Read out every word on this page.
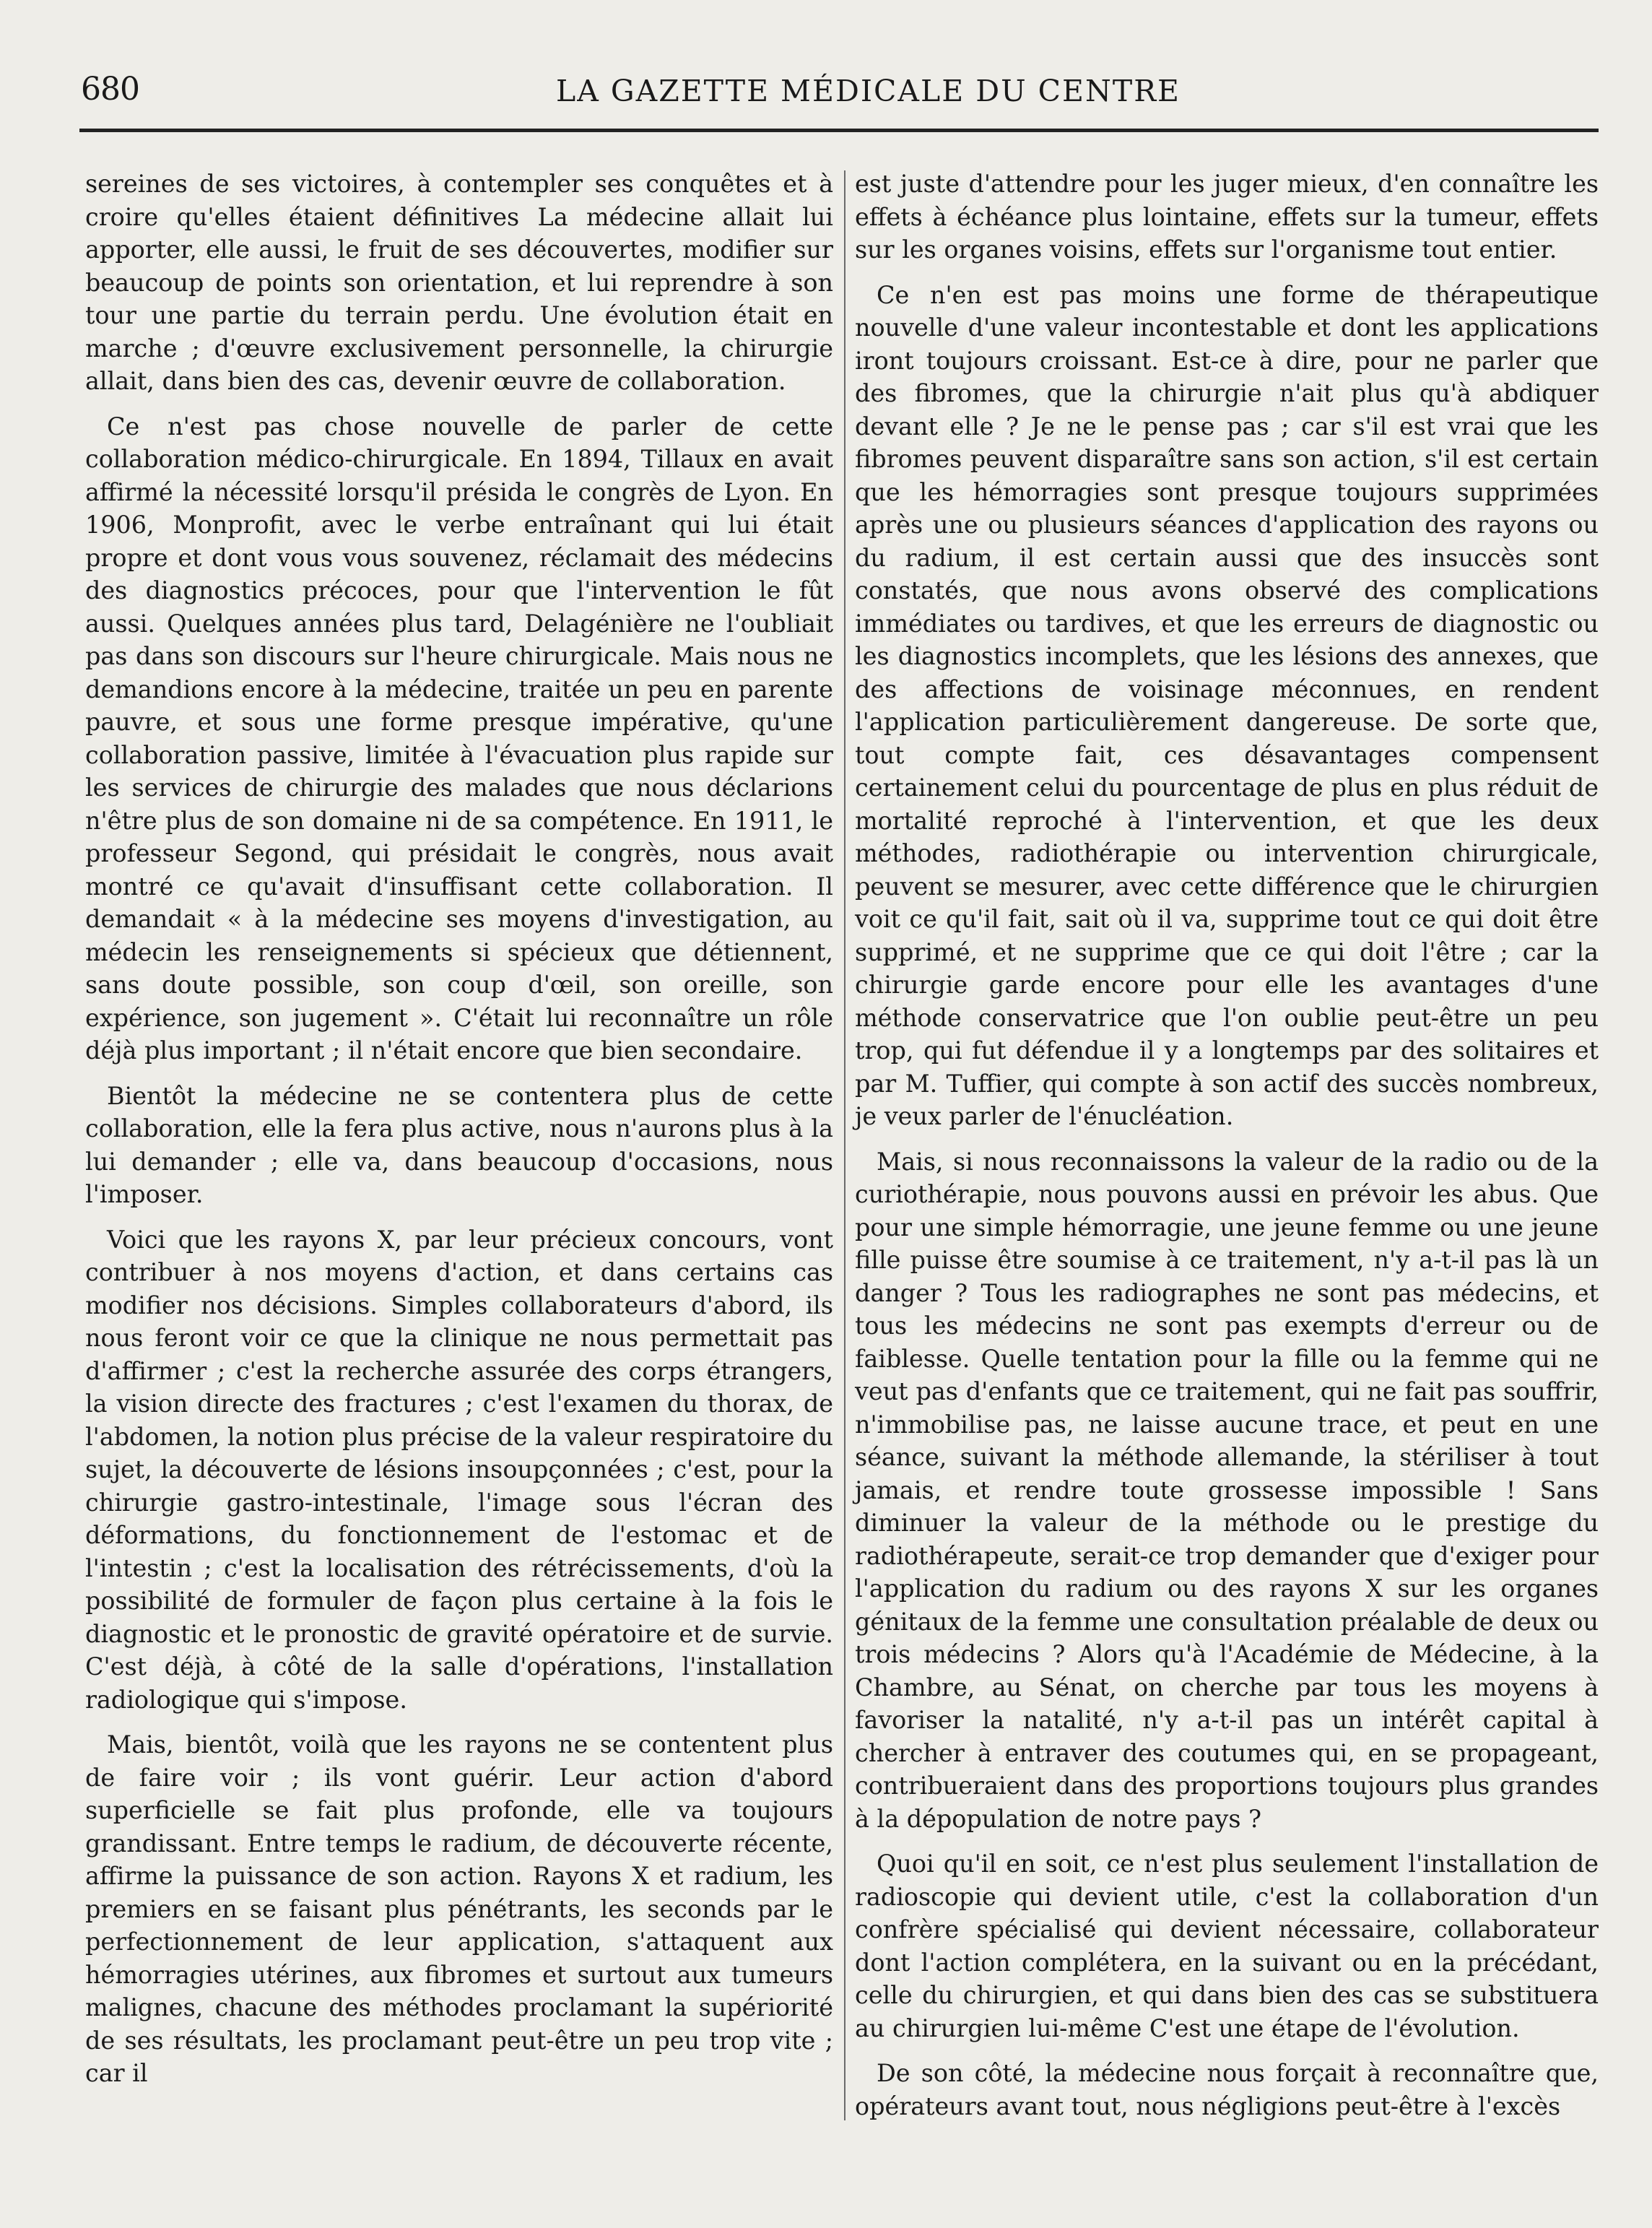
680	LA GAZETTE MÉDICALE DU CENTRE

sereines de ses victoires, à contempler ses conquêtes et à croire qu'elles étaient définitives La médecine allait lui apporter, elle aussi, le fruit de ses découvertes, modifier sur beaucoup de points son orientation, et lui reprendre à son tour une partie du terrain perdu. Une évolution était en marche ; d'œuvre exclusivement personnelle, la chirurgie allait, dans bien des cas, devenir œuvre de collaboration.

Ce n'est pas chose nouvelle de parler de cette collaboration médico-chirurgicale. En 1894, Tillaux en avait affirmé la nécessité lorsqu'il présida le congrès de Lyon. En 1906, Monprofit, avec le verbe entraînant qui lui était propre et dont vous vous souvenez, réclamait des médecins des diagnostics précoces, pour que l'intervention le fût aussi. Quelques années plus tard, Delagénière ne l'oubliait pas dans son discours sur l'heure chirurgicale. Mais nous ne demandions encore à la médecine, traitée un peu en parente pauvre, et sous une forme presque impérative, qu'une collaboration passive, limitée à l'évacuation plus rapide sur les services de chirurgie des malades que nous déclarions n'être plus de son domaine ni de sa compétence. En 1911, le professeur Segond, qui présidait le congrès, nous avait montré ce qu'avait d'insuffisant cette collaboration. Il demandait « à la médecine ses moyens d'investigation, au médecin les renseignements si spécieux que détiennent, sans doute possible, son coup d'œil, son oreille, son expérience, son jugement ». C'était lui reconnaître un rôle déjà plus important ; il n'était encore que bien secondaire.

Bientôt la médecine ne se contentera plus de cette collaboration, elle la fera plus active, nous n'aurons plus à la lui demander ; elle va, dans beaucoup d'occasions, nous l'imposer.

Voici que les rayons X, par leur précieux concours, vont contribuer à nos moyens d'action, et dans certains cas modifier nos décisions. Simples collaborateurs d'abord, ils nous feront voir ce que la clinique ne nous permettait pas d'affirmer ; c'est la recherche assurée des corps étrangers, la vision directe des fractures ; c'est l'examen du thorax, de l'abdomen, la notion plus précise de la valeur respiratoire du sujet, la découverte de lésions insoupçonnées ; c'est, pour la chirurgie gastro-intestinale, l'image sous l'écran des déformations, du fonctionnement de l'estomac et de l'intestin ; c'est la localisation des rétrécissements, d'où la possibilité de formuler de façon plus certaine à la fois le diagnostic et le pronostic de gravité opératoire et de survie. C'est déjà, à côté de la salle d'opérations, l'installation radiologique qui s'impose.

Mais, bientôt, voilà que les rayons ne se contentent plus de faire voir ; ils vont guérir. Leur action d'abord superficielle se fait plus profonde, elle va toujours grandissant. Entre temps le radium, de découverte récente, affirme la puissance de son action. Rayons X et radium, les premiers en se faisant plus pénétrants, les seconds par le perfectionnement de leur application, s'attaquent aux hémorragies utérines, aux fibromes et surtout aux tumeurs malignes, chacune des méthodes proclamant la supériorité de ses résultats, les proclamant peut-être un peu trop vite ; car il

est juste d'attendre pour les juger mieux, d'en connaître les effets à échéance plus lointaine, effets sur la tumeur, effets sur les organes voisins, effets sur l'organisme tout entier.

Ce n'en est pas moins une forme de thérapeutique nouvelle d'une valeur incontestable et dont les applications iront toujours croissant. Est-ce à dire, pour ne parler que des fibromes, que la chirurgie n'ait plus qu'à abdiquer devant elle ? Je ne le pense pas ; car s'il est vrai que les fibromes peuvent disparaître sans son action, s'il est certain que les hémorragies sont presque toujours supprimées après une ou plusieurs séances d'application des rayons ou du radium, il est certain aussi que des insuccès sont constatés, que nous avons observé des complications immédiates ou tardives, et que les erreurs de diagnostic ou les diagnostics incomplets, que les lésions des annexes, que des affections de voisinage méconnues, en rendent l'application particulièrement dangereuse. De sorte que, tout compte fait, ces désavantages compensent certainement celui du pourcentage de plus en plus réduit de mortalité reproché à l'intervention, et que les deux méthodes, radiothérapie ou intervention chirurgicale, peuvent se mesurer, avec cette différence que le chirurgien voit ce qu'il fait, sait où il va, supprime tout ce qui doit être supprimé, et ne supprime que ce qui doit l'être ; car la chirurgie garde encore pour elle les avantages d'une méthode conservatrice que l'on oublie peut-être un peu trop, qui fut défendue il y a longtemps par des solitaires et par M. Tuffier, qui compte à son actif des succès nombreux, je veux parler de l'énucléation.

Mais, si nous reconnaissons la valeur de la radio ou de la curiothérapie, nous pouvons aussi en prévoir les abus. Que pour une simple hémorragie, une jeune femme ou une jeune fille puisse être soumise à ce traitement, n'y a-t-il pas là un danger ? Tous les radiographes ne sont pas médecins, et tous les médecins ne sont pas exempts d'erreur ou de faiblesse. Quelle tentation pour la fille ou la femme qui ne veut pas d'enfants que ce traitement, qui ne fait pas souffrir, n'immobilise pas, ne laisse aucune trace, et peut en une séance, suivant la méthode allemande, la stériliser à tout jamais, et rendre toute grossesse impossible ! Sans diminuer la valeur de la méthode ou le prestige du radiothérapeute, serait-ce trop demander que d'exiger pour l'application du radium ou des rayons X sur les organes génitaux de la femme une consultation préalable de deux ou trois médecins ? Alors qu'à l'Académie de Médecine, à la Chambre, au Sénat, on cherche par tous les moyens à favoriser la natalité, n'y a-t-il pas un intérêt capital à chercher à entraver des coutumes qui, en se propageant, contribueraient dans des proportions toujours plus grandes à la dépopulation de notre pays ?

Quoi qu'il en soit, ce n'est plus seulement l'installation de radioscopie qui devient utile, c'est la collaboration d'un confrère spécialisé qui devient nécessaire, collaborateur dont l'action complétera, en la suivant ou en la précédant, celle du chirurgien, et qui dans bien des cas se substituera au chirurgien lui-même C'est une étape de l'évolution.

De son côté, la médecine nous forçait à reconnaître que, opérateurs avant tout, nous négligions peut-être à l'excès
